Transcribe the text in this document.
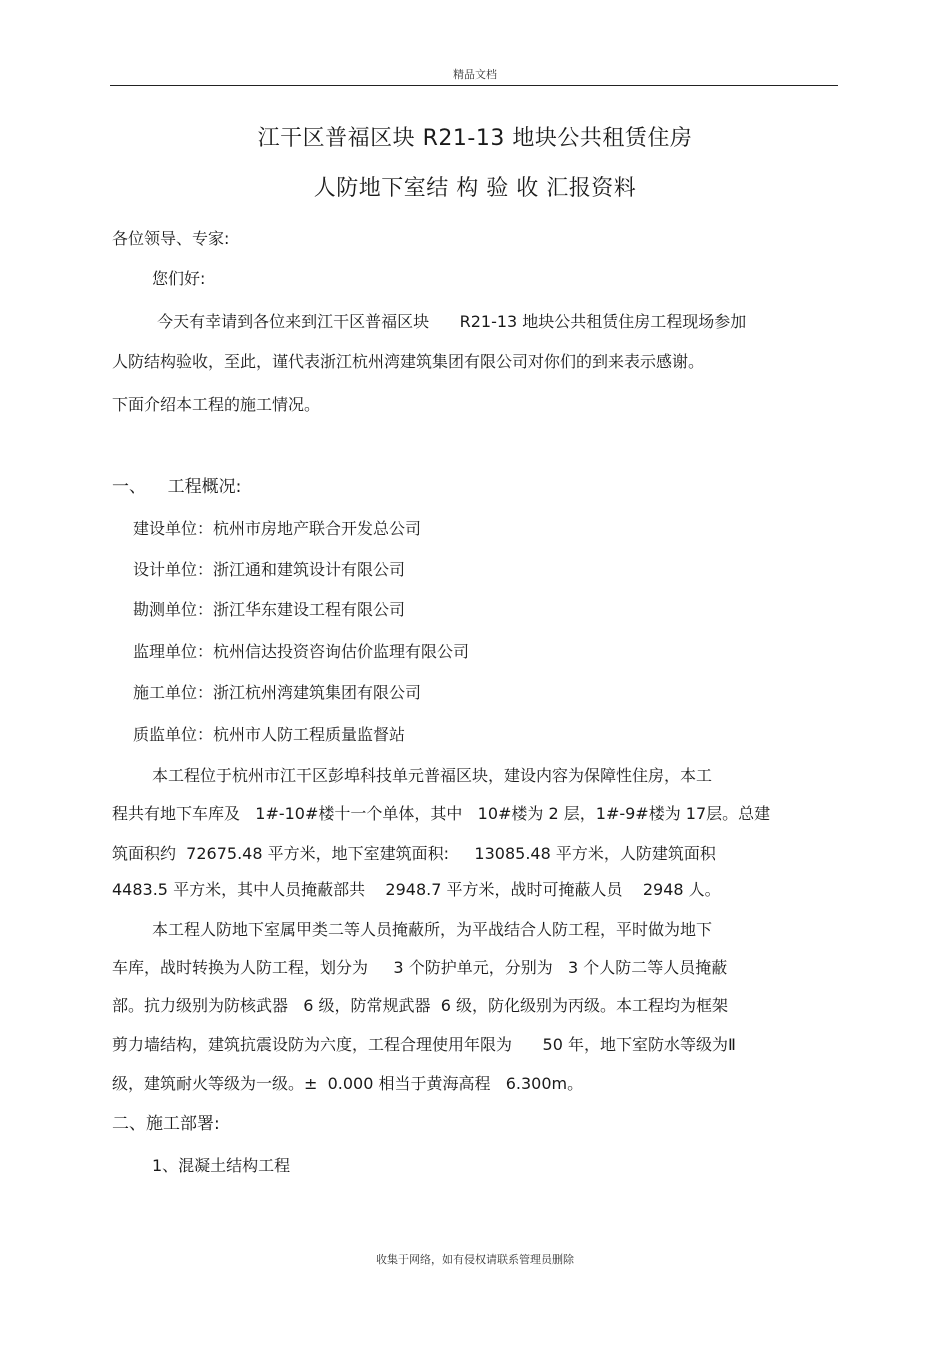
精品文档
江干区普福区块 R21-13 地块公共租赁住房
人防地下室结 构 验 收 汇报资料
各位领导、专家:
您们好:
今天有幸请到各位来到江干区普福区块      R21-13 地块公共租赁住房工程现场参加
人防结构验收，至此，谨代表浙江杭州湾建筑集团有限公司对你们的到来表示感谢。
下面介绍本工程的施工情况。
一、    工程概况:
建设单位：杭州市房地产联合开发总公司
设计单位：浙江通和建筑设计有限公司
勘测单位：浙江华东建设工程有限公司
监理单位：杭州信达投资咨询估价监理有限公司
施工单位：浙江杭州湾建筑集团有限公司
质监单位：杭州市人防工程质量监督站
本工程位于杭州市江干区彭埠科技单元普福区块，建设内容为保障性住房，本工
程共有地下车库及   1#-10#楼十一个单体，其中   10#楼为 2 层，1#-9#楼为 17层。总建
筑面积约  72675.48 平方米，地下室建筑面积:     13085.48 平方米，人防建筑面积
4483.5 平方米，其中人员掩蔽部共    2948.7 平方米，战时可掩蔽人员    2948 人。
本工程人防地下室属甲类二等人员掩蔽所，为平战结合人防工程，平时做为地下
车库，战时转换为人防工程，划分为     3 个防护单元，分别为   3 个人防二等人员掩蔽
部。抗力级别为防核武器   6 级，防常规武器  6 级，防化级别为丙级。本工程均为框架
剪力墙结构，建筑抗震设防为六度，工程合理使用年限为      50 年，地下室防水等级为Ⅱ
级，建筑耐火等级为一级。±  0.000 相当于黄海高程   6.300m。
二、施工部署:
1、混凝土结构工程
收集于网络，如有侵权请联系管理员删除
